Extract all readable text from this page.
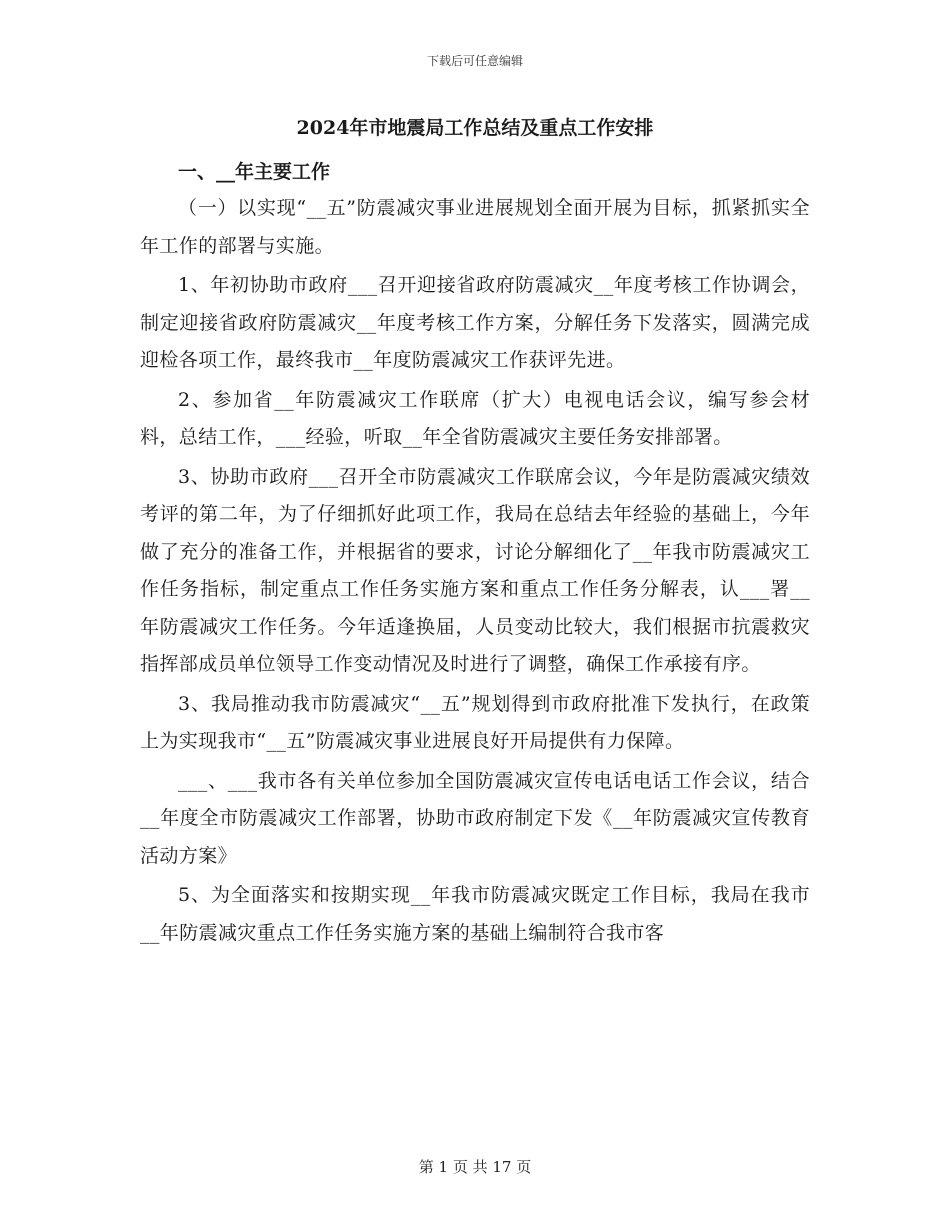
下载后可任意编辑
2024年市地震局工作总结及重点工作安排
一、__年主要工作

（一）以实现“__五”防震减灾事业进展规划全面开展为目标，抓紧抓实全年工作的部署与实施。

1、年初协助市政府___召开迎接省政府防震减灾__年度考核工作协调会，制定迎接省政府防震减灾__年度考核工作方案，分解任务下发落实，圆满完成迎检各项工作，最终我市__年度防震减灾工作获评先进。

2、参加省__年防震减灾工作联席（扩大）电视电话会议，编写参会材料，总结工作，___经验，听取__年全省防震减灾主要任务安排部署。

3、协助市政府___召开全市防震减灾工作联席会议，今年是防震减灾绩效考评的第二年，为了仔细抓好此项工作，我局在总结去年经验的基础上，今年做了充分的准备工作，并根据省的要求，讨论分解细化了__年我市防震减灾工作任务指标，制定重点工作任务实施方案和重点工作任务分解表，认___署__年防震减灾工作任务。今年适逢换届，人员变动比较大，我们根据市抗震救灾指挥部成员单位领导工作变动情况及时进行了调整，确保工作承接有序。

3、我局推动我市防震减灾“__五”规划得到市政府批准下发执行，在政策上为实现我市“__五”防震减灾事业进展良好开局提供有力保障。

___、___我市各有关单位参加全国防震减灾宣传电话电话工作会议，结合__年度全市防震减灾工作部署，协助市政府制定下发《__年防震减灾宣传教育活动方案》

5、为全面落实和按期实现__年我市防震减灾既定工作目标，我局在我市__年防震减灾重点工作任务实施方案的基础上编制符合我市客

第 1 页 共 17 页
